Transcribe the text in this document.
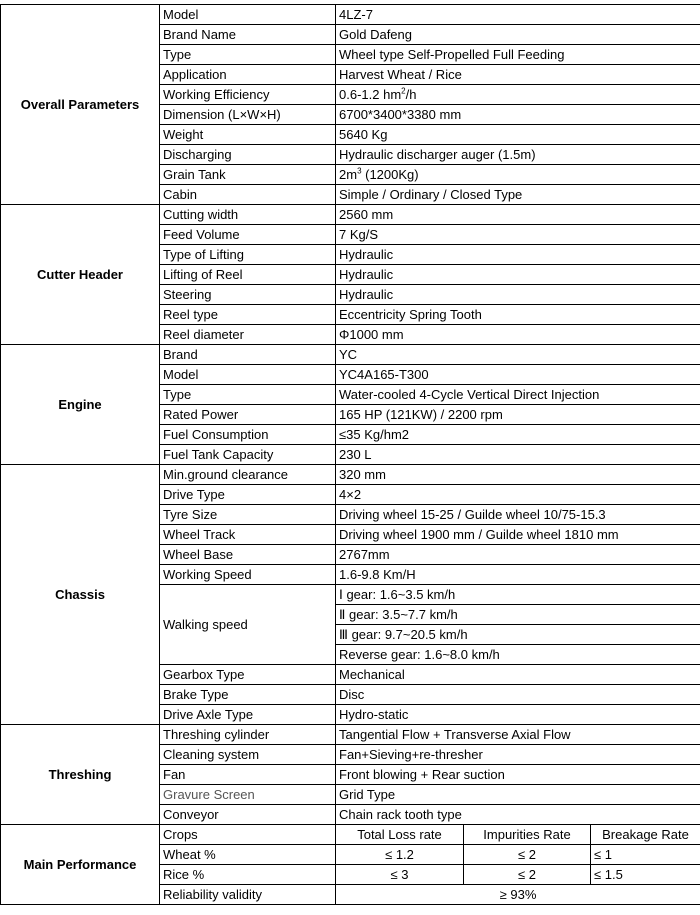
Overall Parameters	Model	4LZ-7		
	Brand Name	Gold Dafeng		
	Type	Wheel type Self-Propelled Full Feeding		
	Application	Harvest Wheat / Rice		
	Working Efficiency	0.6-1.2 $hm^2/h$		
	Dimension (L×W×H)	6700*3400*3380 mm		
	Weight	5640 Kg		
	Discharging	Hydraulic discharger auger (1.5m)		
	Grain Tank	$2m^3$ (1200Kg)		
	Cabin	Simple / Ordinary / Closed Type		
Cutter Header	Cutting width	2560 mm		
	Feed Volume	7 Kg/S		
	Type of Lifting	Hydraulic		
	Lifting of Reel	Hydraulic		
	Steering	Hydraulic		
	Reel type	Eccentricity Spring Tooth		
	Reel diameter	Φ1000 mm		
Engine	Brand	YC		
	Model	YC4A165-T300		
	Type	Water-cooled 4-Cycle Vertical Direct Injection		
	Rated Power	165 HP (121KW) / 2200 rpm		
	Fuel Consumption	≤35 Kg/hm2		
	Fuel Tank Capacity	230 L		
Chassis	Min.ground clearance	320 mm		
	Drive Type	4×2		
	Tyre Size	Driving wheel 15-25 / Guilde wheel 10/75-15.3		
	Wheel Track	Driving wheel 1900 mm / Guilde wheel 1810 mm		
	Wheel Base	2767mm		
	Working Speed	1.6-9.8 Km/H		
	Walking speed	Ⅰ gear: 1.6~3.5 km/h		
		Ⅱ gear: 3.5~7.7 km/h		
		Ⅲ gear: 9.7~20.5 km/h		
		Reverse gear: 1.6~8.0 km/h		
	Gearbox Type	Mechanical		
	Brake Type	Disc		
	Drive Axle Type	Hydro-static		
Threshing	Threshing cylinder	Tangential Flow + Transverse Axial Flow		
	Cleaning system	Fan+Sieving+re-thresher		
	Fan	Front blowing + Rear suction		
	Gravure Screen	Grid Type		
	Conveyor	Chain rack tooth type		
Main Performance	Crops	Total Loss rate	Impurities Rate	Breakage Rate
	Wheat %	≤ 1.2	≤ 2	≤ 1
	Rice %	≤ 3	≤ 2	≤ 1.5
	Reliability validity	≥ 93%		
